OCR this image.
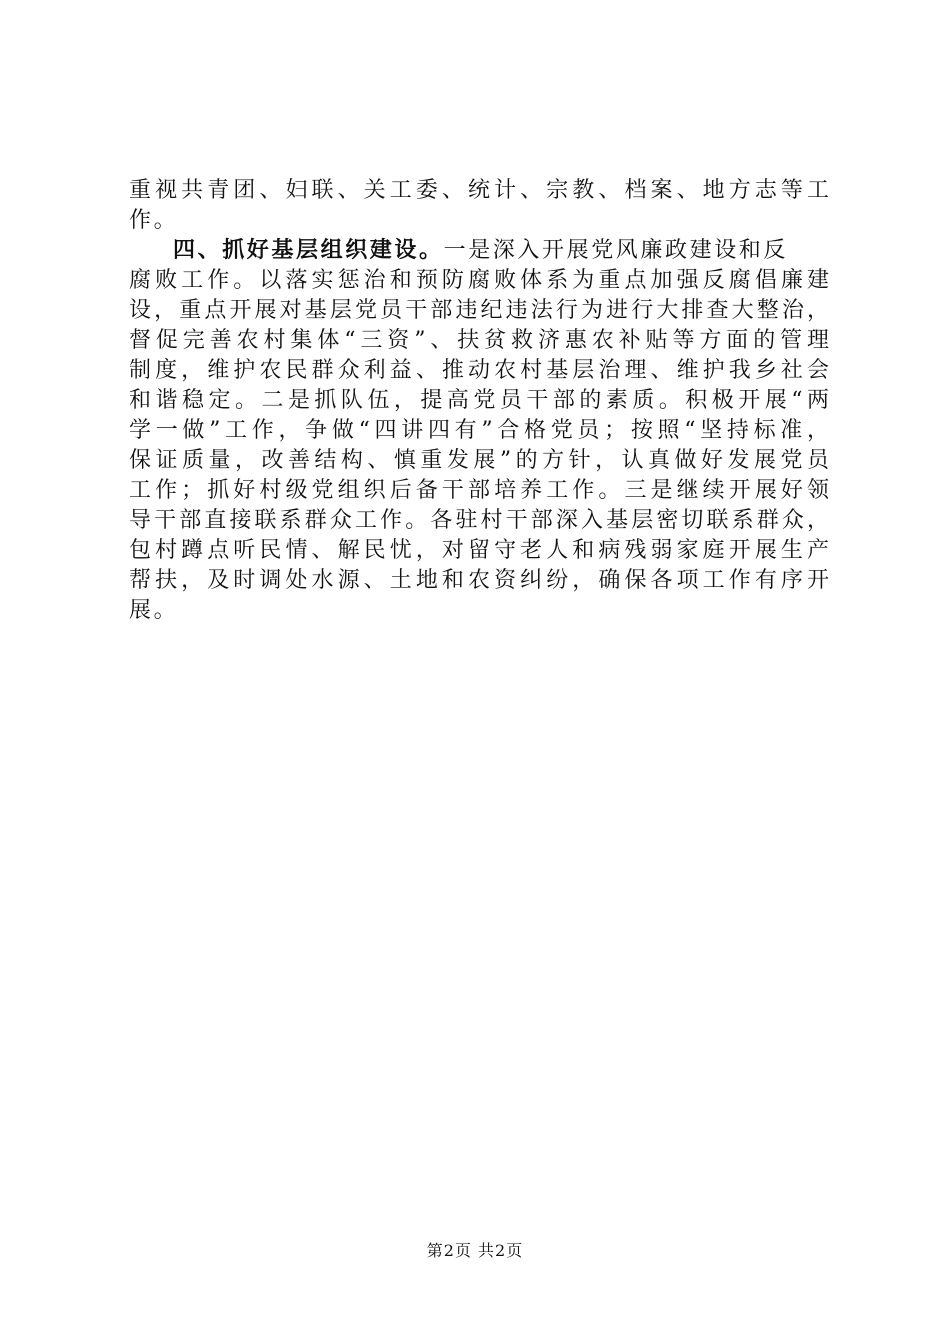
重视共青团、妇联、关工委、统计、宗教、档案、地方志等工
作。
四、抓好基层组织建设。一是深入开展党风廉政建设和反
腐败工作。以落实惩治和预防腐败体系为重点加强反腐倡廉建
设，重点开展对基层党员干部违纪违法行为进行大排查大整治，
督促完善农村集体“三资”、扶贫救济惠农补贴等方面的管理
制度，维护农民群众利益、推动农村基层治理、维护我乡社会
和谐稳定。二是抓队伍，提高党员干部的素质。积极开展“两
学一做”工作，争做“四讲四有”合格党员；按照“坚持标准，
保证质量，改善结构、慎重发展”的方针，认真做好发展党员
工作；抓好村级党组织后备干部培养工作。三是继续开展好领
导干部直接联系群众工作。各驻村干部深入基层密切联系群众，
包村蹲点听民情、解民忧，对留守老人和病残弱家庭开展生产
帮扶，及时调处水源、土地和农资纠纷，确保各项工作有序开
展。
第2页 共2页
